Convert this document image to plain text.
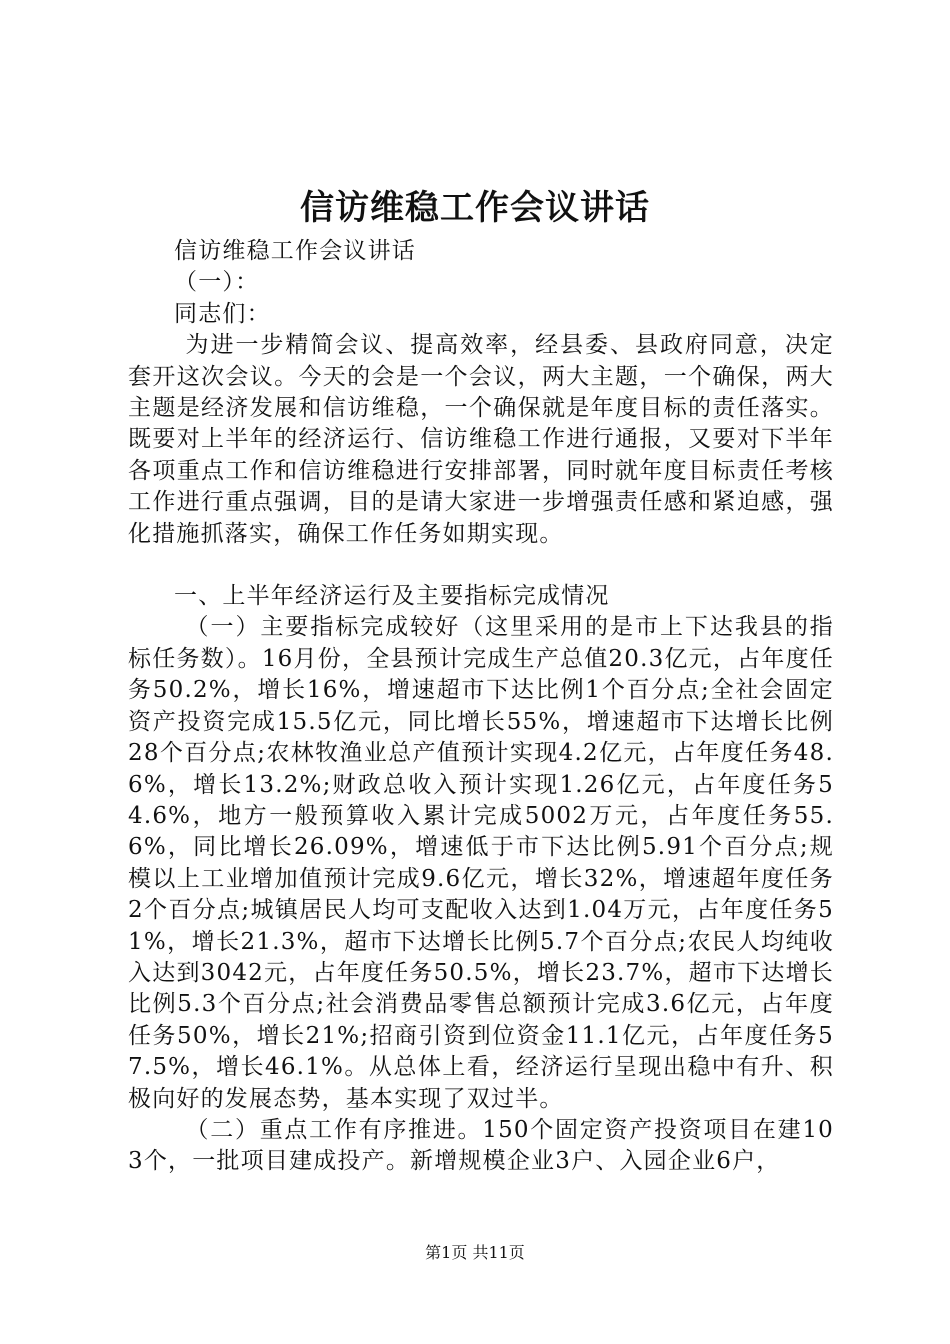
信访维稳工作会议讲话

信访维稳工作会议讲话

（一）：

同志们：

为进一步精简会议、提高效率，经县委、县政府同意，决定套开这次会议。今天的会是一个会议，两大主题，一个确保，两大主题是经济发展和信访维稳，一个确保就是年度目标的责任落实。既要对上半年的经济运行、信访维稳工作进行通报，又要对下半年各项重点工作和信访维稳进行安排部署，同时就年度目标责任考核工作进行重点强调，目的是请大家进一步增强责任感和紧迫感，强化措施抓落实，确保工作任务如期实现。

一、上半年经济运行及主要指标完成情况

（一）主要指标完成较好（这里采用的是市上下达我县的指标任务数）。16月份，全县预计完成生产总值20.3亿元，占年度任务50.2%，增长16%，增速超市下达比例1个百分点;全社会固定资产投资完成15.5亿元，同比增长55%，增速超市下达增长比例28个百分点;农林牧渔业总产值预计实现4.2亿元，占年度任务48.6%，增长13.2%;财政总收入预计实现1.26亿元，占年度任务54.6%，地方一般预算收入累计完成5002万元，占年度任务55.6%，同比增长26.09%，增速低于市下达比例5.91个百分点;规模以上工业增加值预计完成9.6亿元，增长32%，增速超年度任务2个百分点;城镇居民人均可支配收入达到1.04万元，占年度任务51%，增长21.3%，超市下达增长比例5.7个百分点;农民人均纯收入达到3042元，占年度任务50.5%，增长23.7%，超市下达增长比例5.3个百分点;社会消费品零售总额预计完成3.6亿元，占年度任务50%，增长21%;招商引资到位资金11.1亿元，占年度任务57.5%，增长46.1%。从总体上看，经济运行呈现出稳中有升、积极向好的发展态势，基本实现了双过半。

（二）重点工作有序推进。150个固定资产投资项目在建103个，一批项目建成投产。新增规模企业3户、入园企业6户，

第1页 共11页
